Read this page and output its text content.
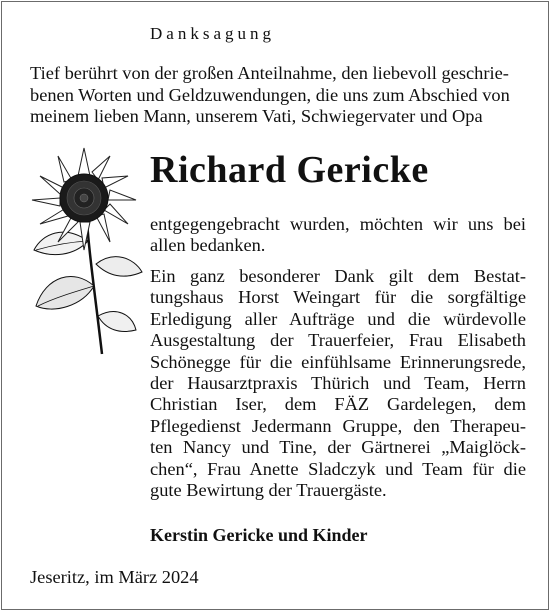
Danksagung
Tief berührt von der großen Anteilnahme, den liebevoll geschrie-
benen Worten und Geldzuwendungen, die uns zum Abschied von
meinem lieben Mann, unserem Vati, Schwiegervater und Opa
Richard Gericke
entgegengebracht wurden, möchten wir uns bei
allen bedanken.
Ein ganz besonderer Dank gilt dem Bestat-
tungshaus Horst Weingart für die sorgfältige
Erledigung aller Aufträge und die würdevolle
Ausgestaltung der Trauerfeier, Frau Elisabeth
Schönegge für die einfühlsame Erinnerungsrede,
der Hausarztpraxis Thürich und Team, Herrn
Christian Iser, dem FÄZ Gardelegen, dem
Pflegedienst Jedermann Gruppe, den Therapeu-
ten Nancy und Tine, der Gärtnerei „Maiglöck-
chen“, Frau Anette Sladczyk und Team für die
gute Bewirtung der Trauergäste.
Kerstin Gericke und Kinder
Jeseritz, im März 2024
